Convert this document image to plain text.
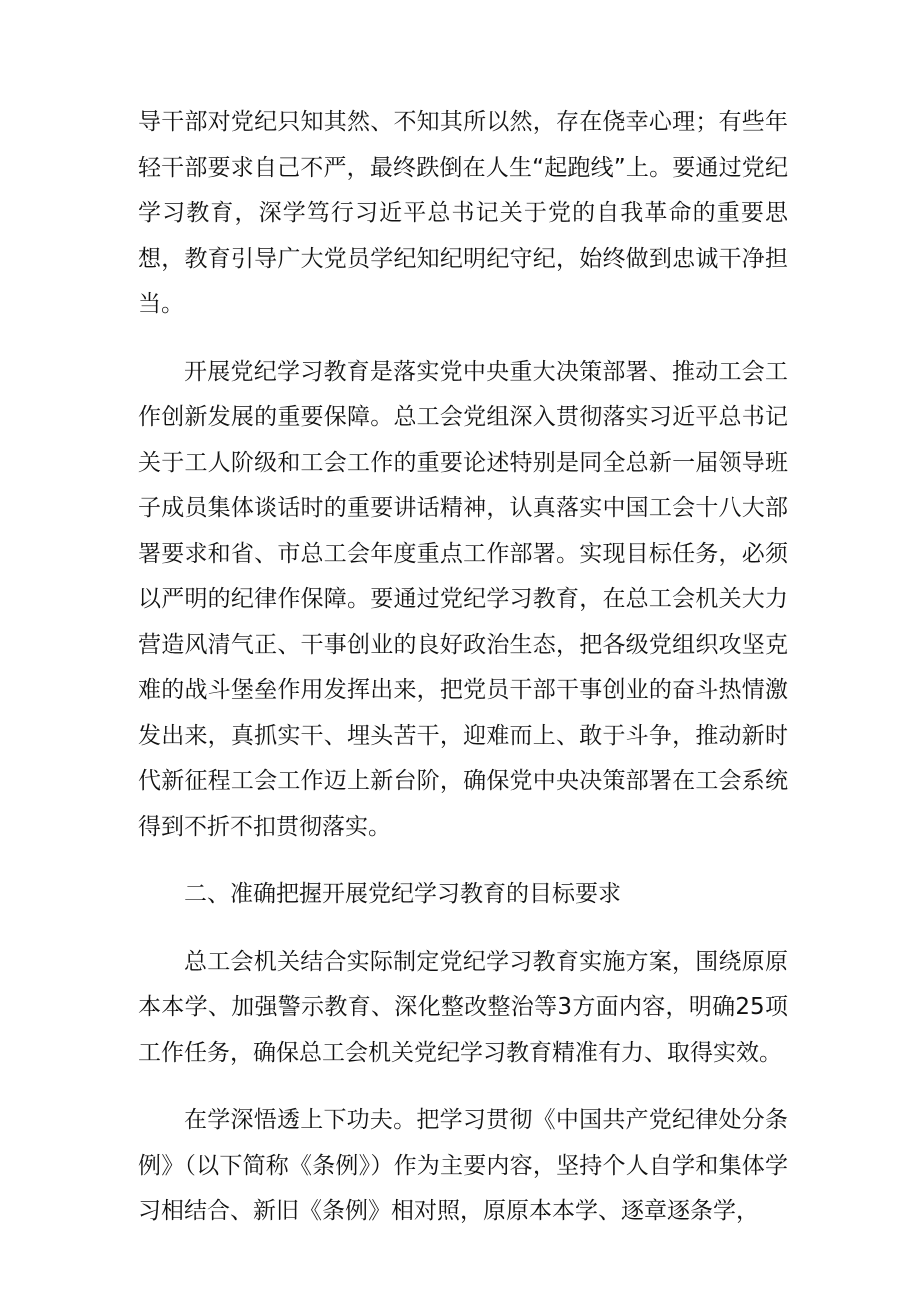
导干部对党纪只知其然、不知其所以然，存在侥幸心理；有些年轻干部要求自己不严，最终跌倒在人生“起跑线”上。要通过党纪学习教育，深学笃行习近平总书记关于党的自我革命的重要思想，教育引导广大党员学纪知纪明纪守纪，始终做到忠诚干净担当。

开展党纪学习教育是落实党中央重大决策部署、推动工会工作创新发展的重要保障。总工会党组深入贯彻落实习近平总书记关于工人阶级和工会工作的重要论述特别是同全总新一届领导班子成员集体谈话时的重要讲话精神，认真落实中国工会十八大部署要求和省、市总工会年度重点工作部署。实现目标任务，必须以严明的纪律作保障。要通过党纪学习教育，在总工会机关大力营造风清气正、干事创业的良好政治生态，把各级党组织攻坚克难的战斗堡垒作用发挥出来，把党员干部干事创业的奋斗热情激发出来，真抓实干、埋头苦干，迎难而上、敢于斗争，推动新时代新征程工会工作迈上新台阶，确保党中央决策部署在工会系统得到不折不扣贯彻落实。

二、准确把握开展党纪学习教育的目标要求

总工会机关结合实际制定党纪学习教育实施方案，围绕原原本本学、加强警示教育、深化整改整治等3方面内容，明确25项工作任务，确保总工会机关党纪学习教育精准有力、取得实效。

在学深悟透上下功夫。把学习贯彻《中国共产党纪律处分条例》（以下简称《条例》）作为主要内容，坚持个人自学和集体学习相结合、新旧《条例》相对照，原原本本学、逐章逐条学，
